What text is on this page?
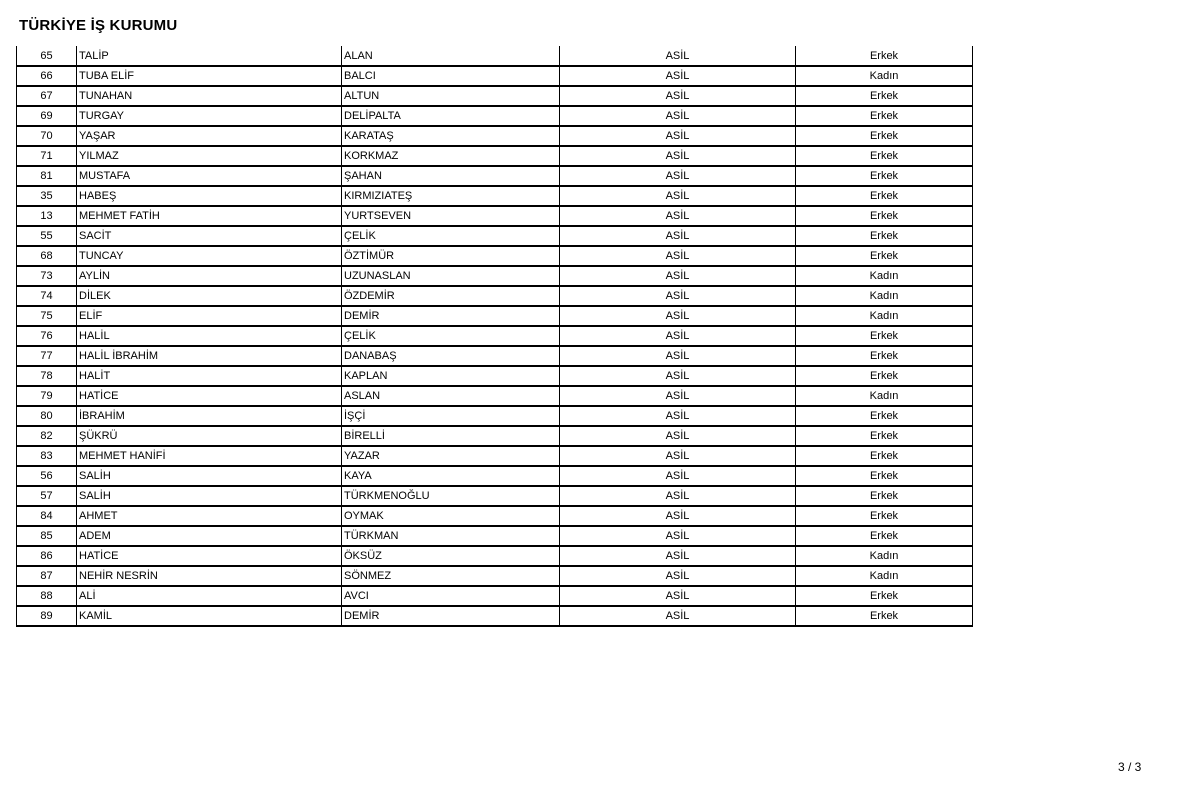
TÜRKİYE İŞ KURUMU
65	TALİP	ALAN	ASİL	Erkek
66	TUBA ELİF	BALCI	ASİL	Kadın
67	TUNAHAN	ALTUN	ASİL	Erkek
69	TURGAY	DELİPALTA	ASİL	Erkek
70	YAŞAR	KARATAŞ	ASİL	Erkek
71	YILMAZ	KORKMAZ	ASİL	Erkek
81	MUSTAFA	ŞAHAN	ASİL	Erkek
35	HABEŞ	KIRMIZIATEŞ	ASİL	Erkek
13	MEHMET FATİH	YURTSEVEN	ASİL	Erkek
55	SACİT	ÇELİK	ASİL	Erkek
68	TUNCAY	ÖZTİMÜR	ASİL	Erkek
73	AYLİN	UZUNASLAN	ASİL	Kadın
74	DİLEK	ÖZDEMİR	ASİL	Kadın
75	ELİF	DEMİR	ASİL	Kadın
76	HALİL	ÇELİK	ASİL	Erkek
77	HALİL İBRAHİM	DANABAŞ	ASİL	Erkek
78	HALİT	KAPLAN	ASİL	Erkek
79	HATİCE	ASLAN	ASİL	Kadın
80	İBRAHİM	İŞÇİ	ASİL	Erkek
82	ŞÜKRÜ	BİRELLİ	ASİL	Erkek
83	MEHMET HANİFİ	YAZAR	ASİL	Erkek
56	SALİH	KAYA	ASİL	Erkek
57	SALİH	TÜRKMENOĞLU	ASİL	Erkek
84	AHMET	OYMAK	ASİL	Erkek
85	ADEM	TÜRKMAN	ASİL	Erkek
86	HATİCE	ÖKSÜZ	ASİL	Kadın
87	NEHİR NESRİN	SÖNMEZ	ASİL	Kadın
88	ALİ	AVCI	ASİL	Erkek
89	KAMİL	DEMİR	ASİL	Erkek
3 / 3
